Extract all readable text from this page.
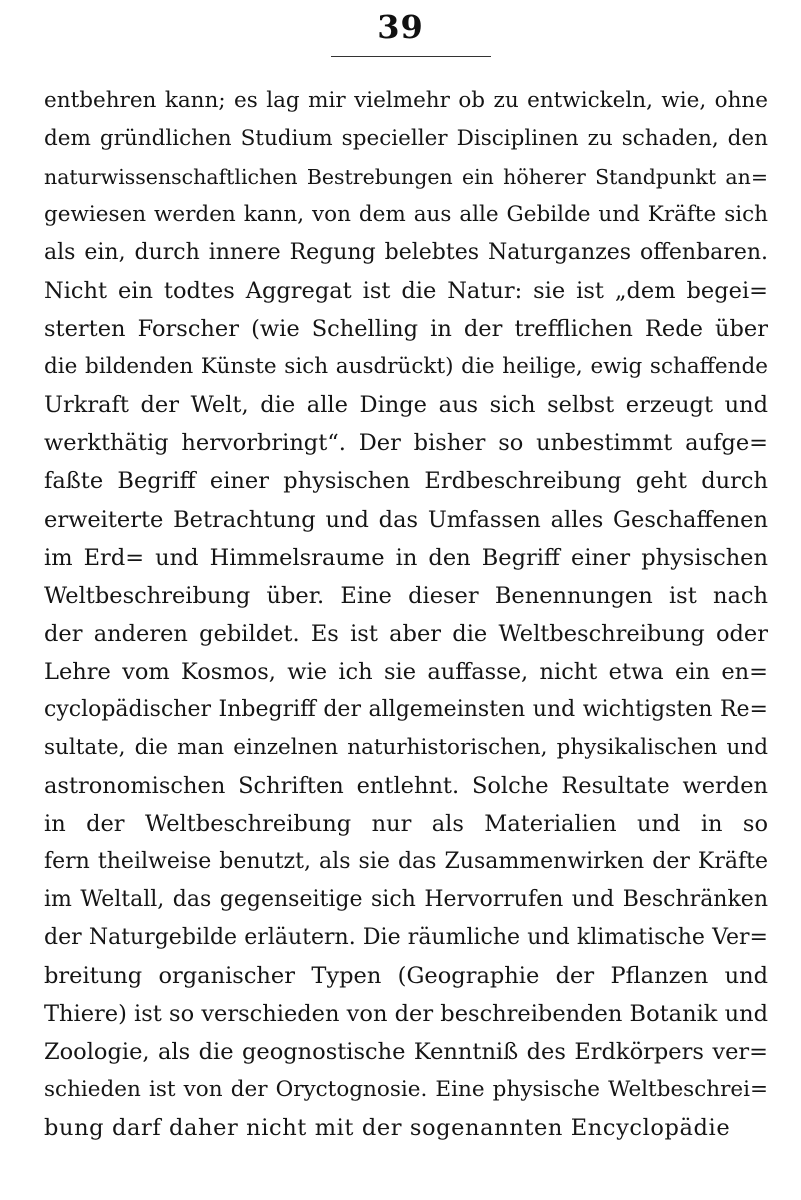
39
entbehren kann; es lag mir vielmehr ob zu entwickeln, wie, ohne
dem gründlichen Studium specieller Disciplinen zu schaden, den
naturwissenschaftlichen Bestrebungen ein höherer Standpunkt an=
gewiesen werden kann, von dem aus alle Gebilde und Kräfte sich
als ein, durch innere Regung belebtes Naturganzes offenbaren.
Nicht ein todtes Aggregat ist die Natur: sie ist „dem begei=
sterten Forscher (wie Schelling in der trefflichen Rede über
die bildenden Künste sich ausdrückt) die heilige, ewig schaffende
Urkraft der Welt, die alle Dinge aus sich selbst erzeugt und
werkthätig hervorbringt“. Der bisher so unbestimmt aufge=
faßte Begriff einer physischen Erdbeschreibung geht durch
erweiterte Betrachtung und das Umfassen alles Geschaffenen
im Erd= und Himmelsraume in den Begriff einer physischen
Weltbeschreibung über. Eine dieser Benennungen ist nach
der anderen gebildet. Es ist aber die Weltbeschreibung oder
Lehre vom Kosmos, wie ich sie auffasse, nicht etwa ein en=
cyclopädischer Inbegriff der allgemeinsten und wichtigsten Re=
sultate, die man einzelnen naturhistorischen, physikalischen und
astronomischen Schriften entlehnt. Solche Resultate werden
in der Weltbeschreibung nur als Materialien und in so
fern theilweise benutzt, als sie das Zusammenwirken der Kräfte
im Weltall, das gegenseitige sich Hervorrufen und Beschränken
der Naturgebilde erläutern. Die räumliche und klimatische Ver=
breitung organischer Typen (Geographie der Pflanzen und
Thiere) ist so verschieden von der beschreibenden Botanik und
Zoologie, als die geognostische Kenntniß des Erdkörpers ver=
schieden ist von der Oryctognosie. Eine physische Weltbeschrei=
bung darf daher nicht mit der sogenannten Encyclopädie
